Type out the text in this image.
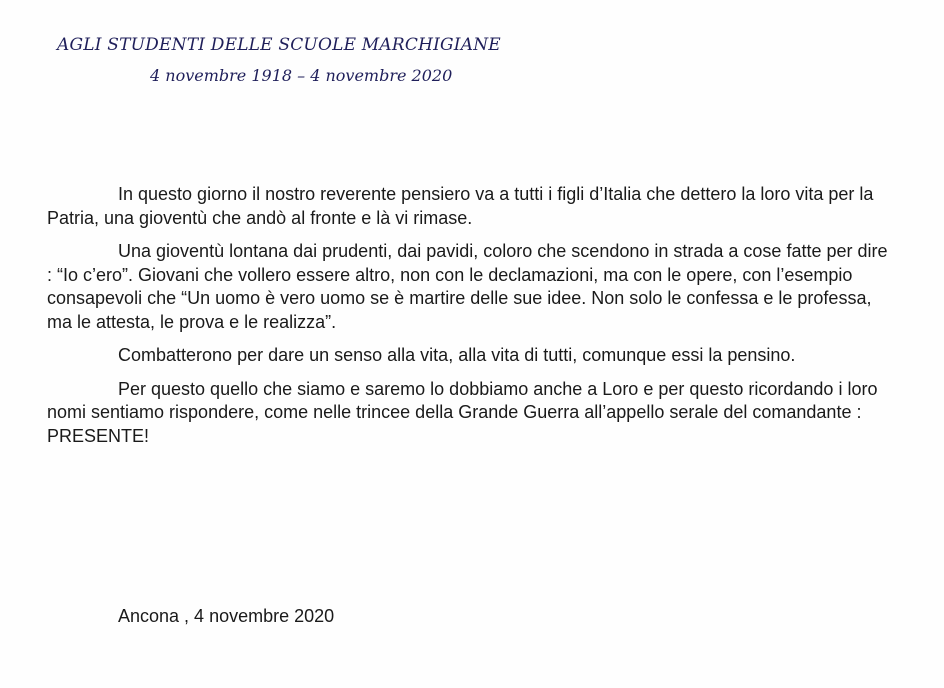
AGLI STUDENTI DELLE SCUOLE MARCHIGIANE
4 novembre 1918 – 4 novembre 2020

In questo giorno il nostro reverente pensiero va a tutti i figli d’Italia che dettero la loro vita per la Patria, una gioventù che andò al fronte e là vi rimase.

Una gioventù lontana dai prudenti, dai pavidi, coloro che scendono in strada a cose fatte per dire : “Io c’ero”. Giovani che vollero essere altro, non con le declamazioni, ma con le opere, con l’esempio consapevoli che “Un uomo è vero uomo se è martire delle sue idee. Non solo le confessa e le professa, ma le attesta, le prova e le realizza”.

Combatterono per dare un senso alla vita, alla vita di tutti, comunque essi la pensino.

Per questo quello che siamo e saremo lo dobbiamo anche a Loro e per questo ricordando i loro nomi sentiamo rispondere, come nelle trincee della Grande Guerra all’appello serale del comandante : PRESENTE!

Ancona , 4 novembre 2020
